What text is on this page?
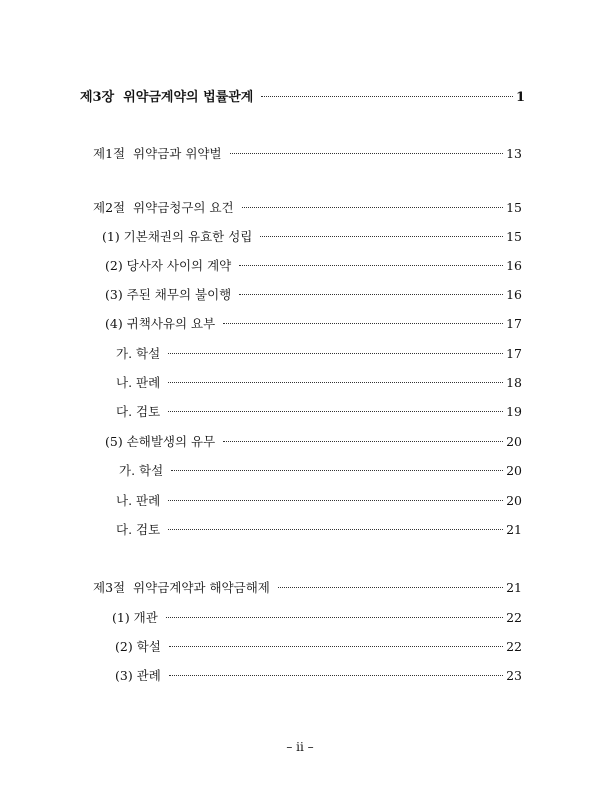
제3장  위약금계약의 법률관계	1
제1절  위약금과 위약벌	13
제2절  위약금청구의 요건	15
(1) 기본채권의 유효한 성립	15
(2) 당사자 사이의 계약	16
(3) 주된 채무의 불이행	16
(4) 귀책사유의 요부	17
가. 학설	17
나. 판례	18
다. 검토	19
(5) 손해발생의 유무	20
가. 학설	20
나. 판례	20
다. 검토	21
제3절  위약금계약과 해약금해제	21
(1) 개관	22
(2) 학설	22
(3) 관례	23
– ii –
